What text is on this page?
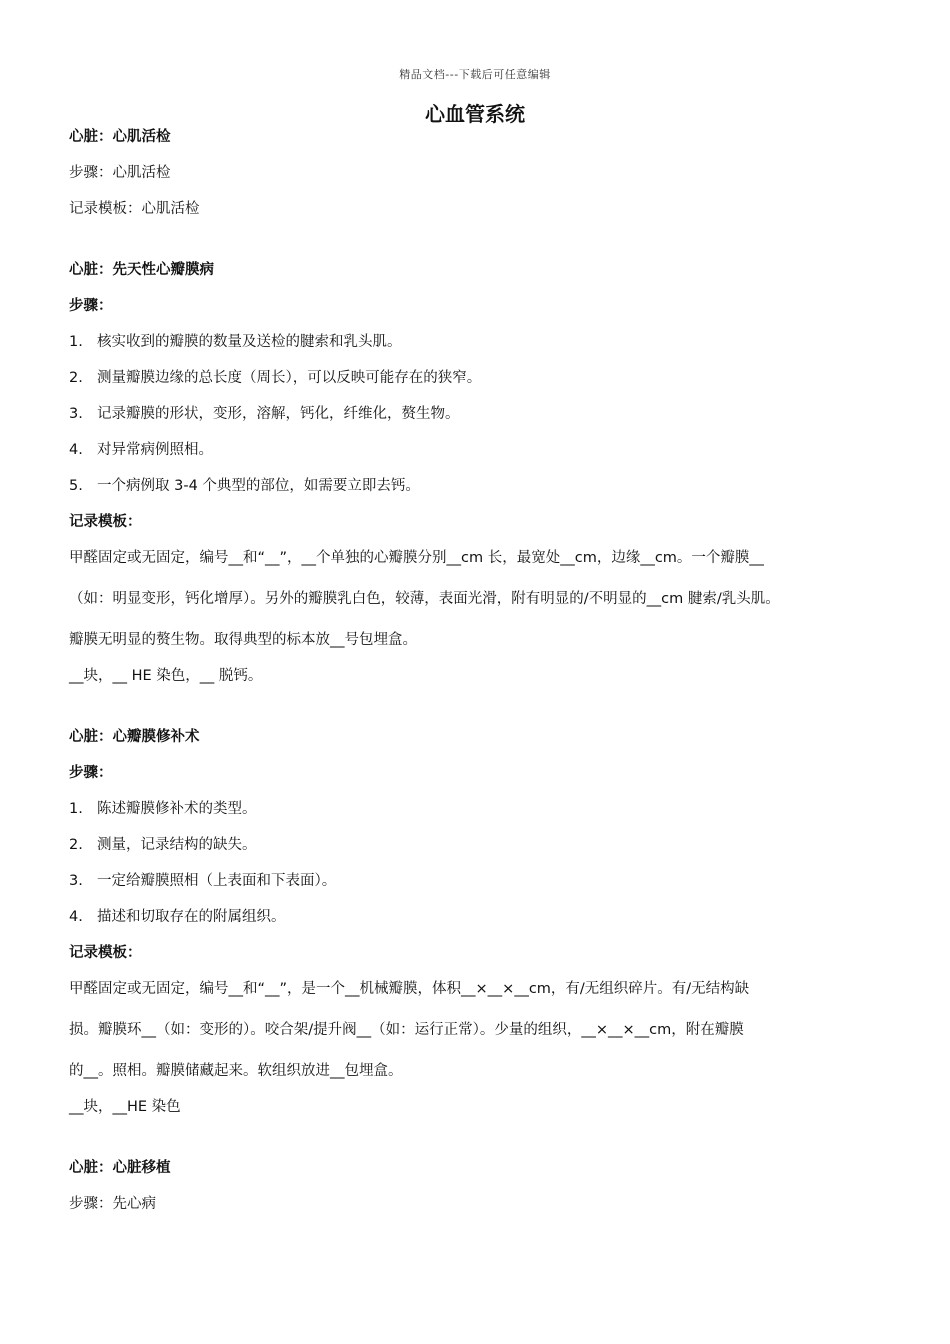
精品文档---下载后可任意编辑
心血管系统

心脏：心肌活检

步骤：心肌活检

记录模板：心肌活检

心脏：先天性心瓣膜病

步骤：

1. 核实收到的瓣膜的数量及送检的腱索和乳头肌。

2. 测量瓣膜边缘的总长度（周长），可以反映可能存在的狭窄。

3. 记录瓣膜的形状，变形，溶解，钙化，纤维化，赘生物。

4. 对异常病例照相。

5. 一个病例取 3-4 个典型的部位，如需要立即去钙。

记录模板：

甲醛固定或无固定，编号__和“__”，__个单独的心瓣膜分别__cm 长，最宽处__cm，边缘__cm。一个瓣膜__

（如：明显变形，钙化增厚）。另外的瓣膜乳白色，较薄，表面光滑，附有明显的/不明显的__cm 腱索/乳头肌。

瓣膜无明显的赘生物。取得典型的标本放__号包埋盒。

__块，__ HE 染色，__ 脱钙。

心脏：心瓣膜修补术

步骤：

1. 陈述瓣膜修补术的类型。

2. 测量，记录结构的缺失。

3. 一定给瓣膜照相（上表面和下表面）。

4. 描述和切取存在的附属组织。

记录模板：

甲醛固定或无固定，编号__和“__”，是一个__机械瓣膜，体积__×__×__cm，有/无组织碎片。有/无结构缺

损。瓣膜环__（如：变形的）。咬合架/提升阀__（如：运行正常）。少量的组织，__×__×__cm，附在瓣膜

的__。照相。瓣膜储藏起来。软组织放进__包埋盒。

__块，__HE 染色

心脏：心脏移植

步骤：先心病
